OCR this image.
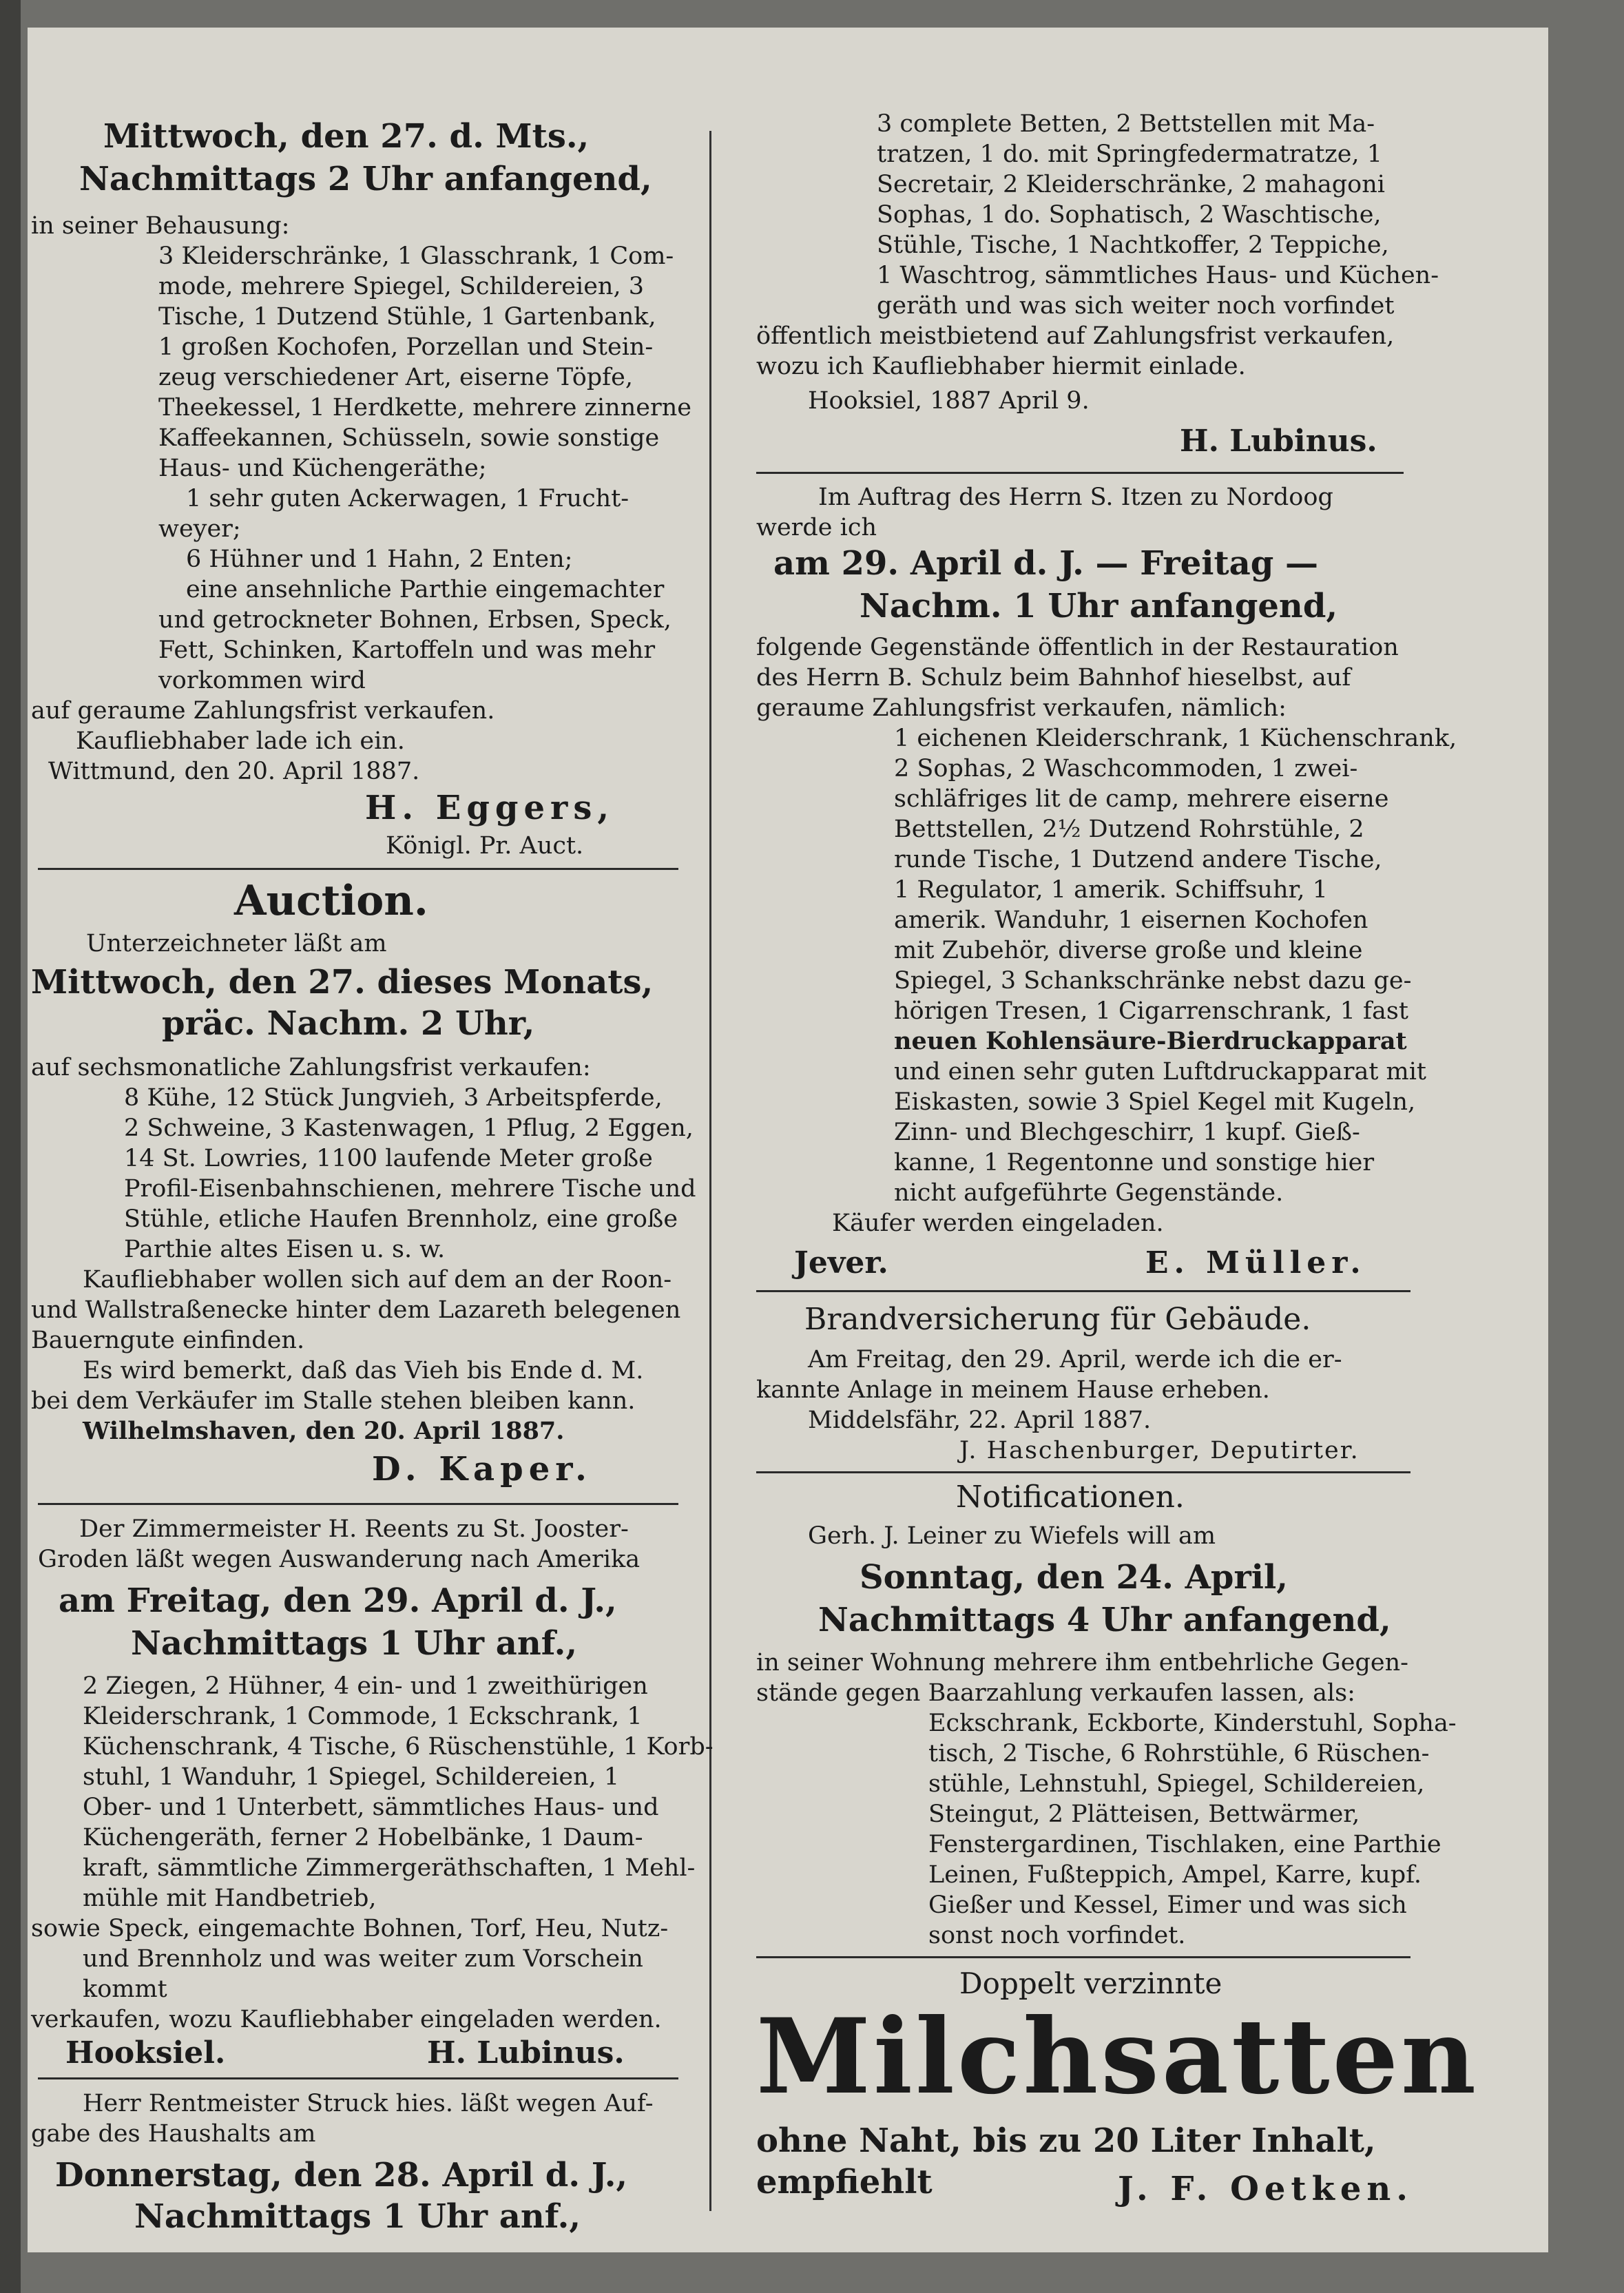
Mittwoch, den 27. d. Mts.,
Nachmittags 2 Uhr anfangend,
in seiner Behausung:
3 Kleiderschränke, 1 Glasschrank, 1 Com-
mode, mehrere Spiegel, Schildereien, 3
Tische, 1 Dutzend Stühle, 1 Gartenbank,
1 großen Kochofen, Porzellan und Stein-
zeug verschiedener Art, eiserne Töpfe,
Theekessel, 1 Herdkette, mehrere zinnerne
Kaffeekannen, Schüsseln, sowie sonstige
Haus- und Küchengeräthe;
1 sehr guten Ackerwagen, 1 Frucht-
weyer;
6 Hühner und 1 Hahn, 2 Enten;
eine ansehnliche Parthie eingemachter
und getrockneter Bohnen, Erbsen, Speck,
Fett, Schinken, Kartoffeln und was mehr
vorkommen wird
auf geraume Zahlungsfrist verkaufen.
Kaufliebhaber lade ich ein.
Wittmund, den 20. April 1887.
H. Eggers,
Königl. Pr. Auct.
Auction.
Unterzeichneter läßt am
Mittwoch, den 27. dieses Monats,
präc. Nachm. 2 Uhr,
auf sechsmonatliche Zahlungsfrist verkaufen:
8 Kühe, 12 Stück Jungvieh, 3 Arbeitspferde,
2 Schweine, 3 Kastenwagen, 1 Pflug, 2 Eggen,
14 St. Lowries, 1100 laufende Meter große
Profil-Eisenbahnschienen, mehrere Tische und
Stühle, etliche Haufen Brennholz, eine große
Parthie altes Eisen u. s. w.
Kaufliebhaber wollen sich auf dem an der Roon-
und Wallstraßenecke hinter dem Lazareth belegenen
Bauerngute einfinden.
Es wird bemerkt, daß das Vieh bis Ende d. M.
bei dem Verkäufer im Stalle stehen bleiben kann.
Wilhelmshaven, den 20. April 1887.
D. Kaper.
Der Zimmermeister H. Reents zu St. Jooster-
Groden läßt wegen Auswanderung nach Amerika
am Freitag, den 29. April d. J.,
Nachmittags 1 Uhr anf.,
2 Ziegen, 2 Hühner, 4 ein- und 1 zweithürigen
Kleiderschrank, 1 Commode, 1 Eckschrank, 1
Küchenschrank, 4 Tische, 6 Rüschenstühle, 1 Korb-
stuhl, 1 Wanduhr, 1 Spiegel, Schildereien, 1
Ober- und 1 Unterbett, sämmtliches Haus- und
Küchengeräth, ferner 2 Hobelbänke, 1 Daum-
kraft, sämmtliche Zimmergeräthschaften, 1 Mehl-
mühle mit Handbetrieb,
sowie Speck, eingemachte Bohnen, Torf, Heu, Nutz-
und Brennholz und was weiter zum Vorschein
kommt
verkaufen, wozu Kaufliebhaber eingeladen werden.
Hooksiel.	H. Lubinus.
Herr Rentmeister Struck hies. läßt wegen Auf-
gabe des Haushalts am
Donnerstag, den 28. April d. J.,
Nachmittags 1 Uhr anf.,
3 complete Betten, 2 Bettstellen mit Ma-
tratzen, 1 do. mit Springfedermatratze, 1
Secretair, 2 Kleiderschränke, 2 mahagoni
Sophas, 1 do. Sophatisch, 2 Waschtische,
Stühle, Tische, 1 Nachtkoffer, 2 Teppiche,
1 Waschtrog, sämmtliches Haus- und Küchen-
geräth und was sich weiter noch vorfindet
öffentlich meistbietend auf Zahlungsfrist verkaufen,
wozu ich Kaufliebhaber hiermit einlade.
Hooksiel, 1887 April 9.
H. Lubinus.
Im Auftrag des Herrn S. Itzen zu Nordoog
werde ich
am 29. April d. J. — Freitag —
Nachm. 1 Uhr anfangend,
folgende Gegenstände öffentlich in der Restauration
des Herrn B. Schulz beim Bahnhof hieselbst, auf
geraume Zahlungsfrist verkaufen, nämlich:
1 eichenen Kleiderschrank, 1 Küchenschrank,
2 Sophas, 2 Waschcommoden, 1 zwei-
schläfriges lit de camp, mehrere eiserne
Bettstellen, 2½ Dutzend Rohrstühle, 2
runde Tische, 1 Dutzend andere Tische,
1 Regulator, 1 amerik. Schiffsuhr, 1
amerik. Wanduhr, 1 eisernen Kochofen
mit Zubehör, diverse große und kleine
Spiegel, 3 Schankschränke nebst dazu ge-
hörigen Tresen, 1 Cigarrenschrank, 1 fast
neuen Kohlensäure-Bierdruckapparat
und einen sehr guten Luftdruckapparat mit
Eiskasten, sowie 3 Spiel Kegel mit Kugeln,
Zinn- und Blechgeschirr, 1 kupf. Gieß-
kanne, 1 Regentonne und sonstige hier
nicht aufgeführte Gegenstände.
Käufer werden eingeladen.
Jever.	E. Müller.
Brandversicherung für Gebäude.
Am Freitag, den 29. April, werde ich die er-
kannte Anlage in meinem Hause erheben.
Middelsfähr, 22. April 1887.
J. Haschenburger, Deputirter.
Notificationen.
Gerh. J. Leiner zu Wiefels will am
Sonntag, den 24. April,
Nachmittags 4 Uhr anfangend,
in seiner Wohnung mehrere ihm entbehrliche Gegen-
stände gegen Baarzahlung verkaufen lassen, als:
Eckschrank, Eckborte, Kinderstuhl, Sopha-
tisch, 2 Tische, 6 Rohrstühle, 6 Rüschen-
stühle, Lehnstuhl, Spiegel, Schildereien,
Steingut, 2 Plätteisen, Bettwärmer,
Fenstergardinen, Tischlaken, eine Parthie
Leinen, Fußteppich, Ampel, Karre, kupf.
Gießer und Kessel, Eimer und was sich
sonst noch vorfindet.
Doppelt verzinnte
Milchsatten
ohne Naht, bis zu 20 Liter Inhalt,
empfiehlt	J. F. Oetken.
